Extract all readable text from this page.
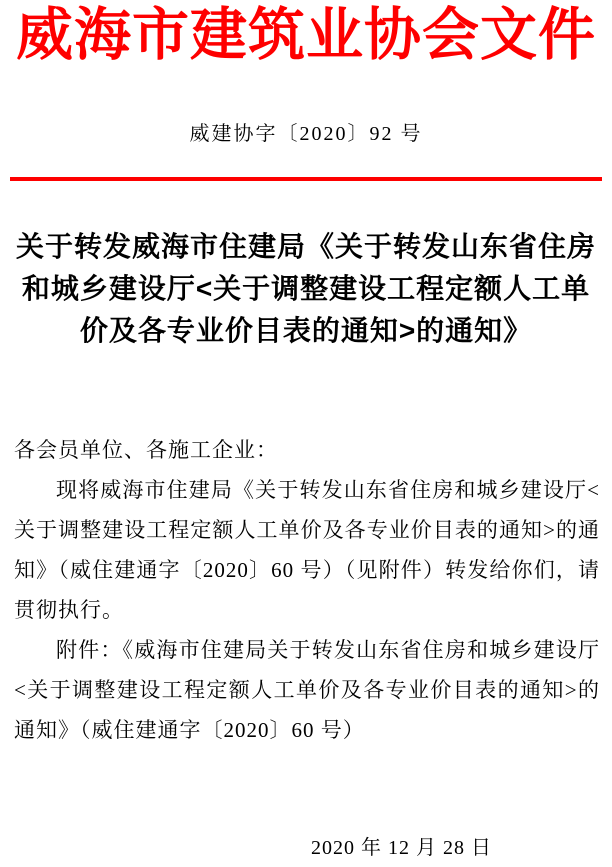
威海市建筑业协会文件
威建协字〔2020〕92 号
关于转发威海市住建局《关于转发山东省住房和城乡建设厅<关于调整建设工程定额人工单价及各专业价目表的通知>的通知》

各会员单位、各施工企业：

现将威海市住建局《关于转发山东省住房和城乡建设厅<关于调整建设工程定额人工单价及各专业价目表的通知>的通知》（威住建通字〔2020〕60 号）（见附件）转发给你们，请贯彻执行。

附件：《威海市住建局关于转发山东省住房和城乡建设厅<关于调整建设工程定额人工单价及各专业价目表的通知>的通知》（威住建通字〔2020〕60 号）

2020 年 12 月 28 日
